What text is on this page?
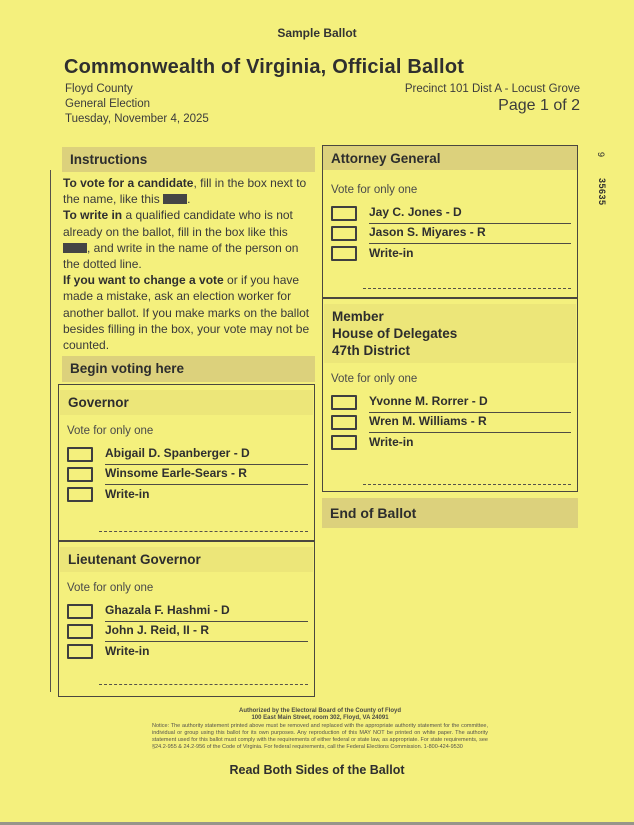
Sample Ballot
Commonwealth of Virginia, Official Ballot
Floyd County
General Election
Tuesday, November 4, 2025
Precinct 101 Dist A - Locust Grove
Page 1 of 2
Instructions
To vote for a candidate, fill in the box next to the name, like this .
To write in a qualified candidate who is not already on the ballot, fill in the box like this , and write in the name of the person on the dotted line.
If you want to change a vote or if you have made a mistake, ask an election worker for another ballot. If you make marks on the ballot besides filling in the box, your vote may not be counted.
Begin voting here
Governor
Vote for only one
Abigail D. Spanberger - D
Winsome Earle-Sears - R
Write-in
Lieutenant Governor
Vote for only one
Ghazala F. Hashmi - D
John J. Reid, II - R
Write-in
Attorney General
Vote for only one
Jay C. Jones - D
Jason S. Miyares - R
Write-in
Member
House of Delegates
47th District
Vote for only one
Yvonne M. Rorrer - D
Wren M. Williams - R
Write-in
End of Ballot
9
35635
Authorized by the Electoral Board of the County of Floyd
100 East Main Street, room 302, Floyd, VA 24091
Notice: The authority statement printed above must be removed and replaced with the appropriate authority statement for the committee, individual or group using this ballot for its own purposes. Any reproduction of this MAY NOT be printed on white paper. The authority statement used for this ballot must comply with the requirements of either federal or state law, as appropriate. For state requirements, see §24.2-955 & 24.2-956 of the Code of Virginia. For federal requirements, call the Federal Elections Commission. 1-800-424-9530
Read Both Sides of the Ballot
